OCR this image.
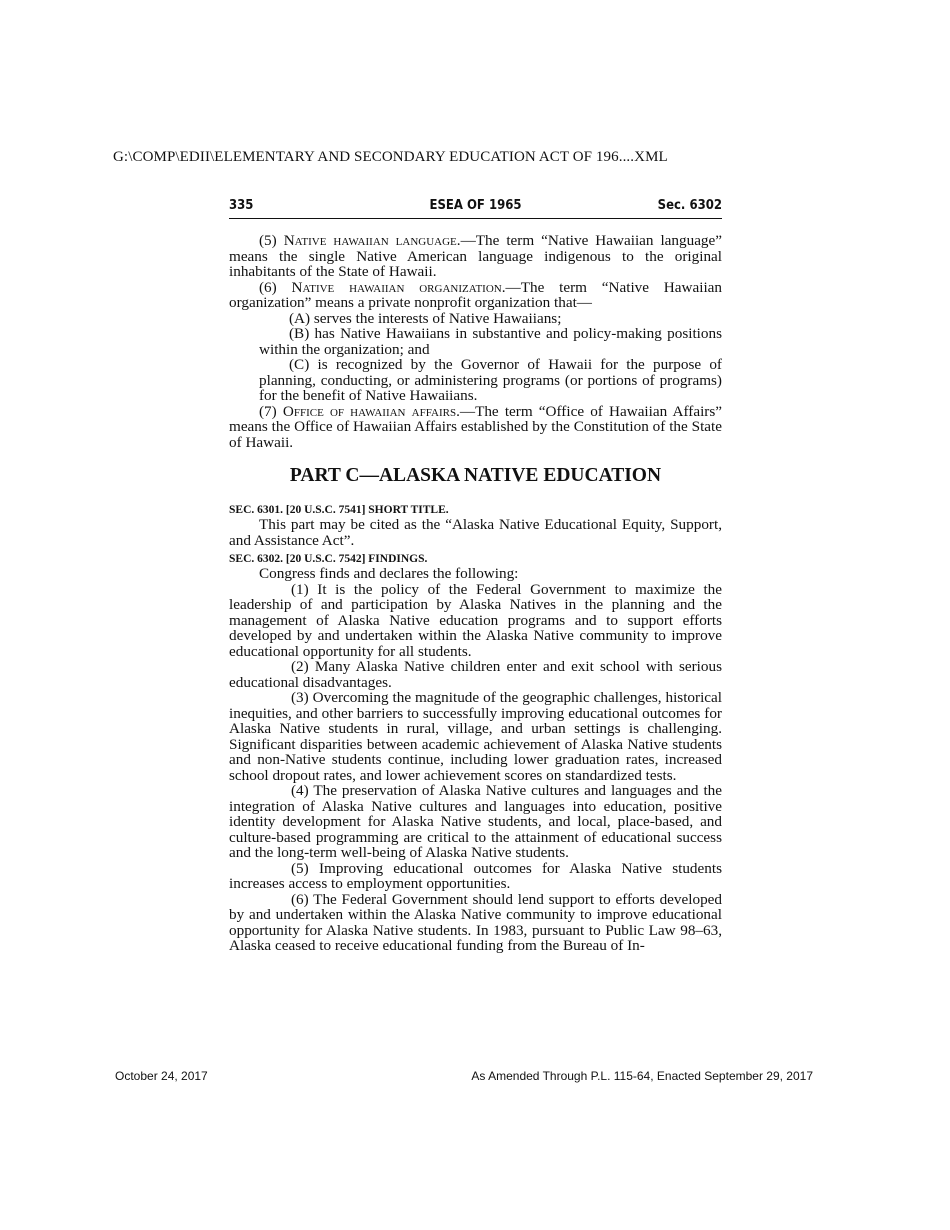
G:\COMP\EDII\ELEMENTARY AND SECONDARY EDUCATION ACT OF 196....XML
335	ESEA OF 1965	Sec. 6302

(5) Native hawaiian language.—The term “Native Hawaiian language” means the single Native American language indigenous to the original inhabitants of the State of Hawaii.

(6) Native hawaiian organization.—The term “Native Hawaiian organization” means a private nonprofit organization that—

(A) serves the interests of Native Hawaiians;

(B) has Native Hawaiians in substantive and policy-making positions within the organization; and

(C) is recognized by the Governor of Hawaii for the purpose of planning, conducting, or administering programs (or portions of programs) for the benefit of Native Hawaiians.

(7) Office of hawaiian affairs.—The term “Office of Hawaiian Affairs” means the Office of Hawaiian Affairs established by the Constitution of the State of Hawaii.

PART C—ALASKA NATIVE EDUCATION
SEC. 6301. [20 U.S.C. 7541] SHORT TITLE.

This part may be cited as the “Alaska Native Educational Equity, Support, and Assistance Act”.

SEC. 6302. [20 U.S.C. 7542] FINDINGS.

Congress finds and declares the following:

(1) It is the policy of the Federal Government to maximize the leadership of and participation by Alaska Natives in the planning and the management of Alaska Native education programs and to support efforts developed by and undertaken within the Alaska Native community to improve educational opportunity for all students.

(2) Many Alaska Native children enter and exit school with serious educational disadvantages.

(3) Overcoming the magnitude of the geographic challenges, historical inequities, and other barriers to successfully improving educational outcomes for Alaska Native students in rural, village, and urban settings is challenging. Significant disparities between academic achievement of Alaska Native students and non-Native students continue, including lower graduation rates, increased school dropout rates, and lower achievement scores on standardized tests.

(4) The preservation of Alaska Native cultures and languages and the integration of Alaska Native cultures and languages into education, positive identity development for Alaska Native students, and local, place-based, and culture-based programming are critical to the attainment of educational success and the long-term well-being of Alaska Native students.

(5) Improving educational outcomes for Alaska Native students increases access to employment opportunities.

(6) The Federal Government should lend support to efforts developed by and undertaken within the Alaska Native community to improve educational opportunity for Alaska Native students. In 1983, pursuant to Public Law 98–63, Alaska ceased to receive educational funding from the Bureau of In-

October 24, 2017	As Amended Through P.L. 115-64, Enacted September 29, 2017
